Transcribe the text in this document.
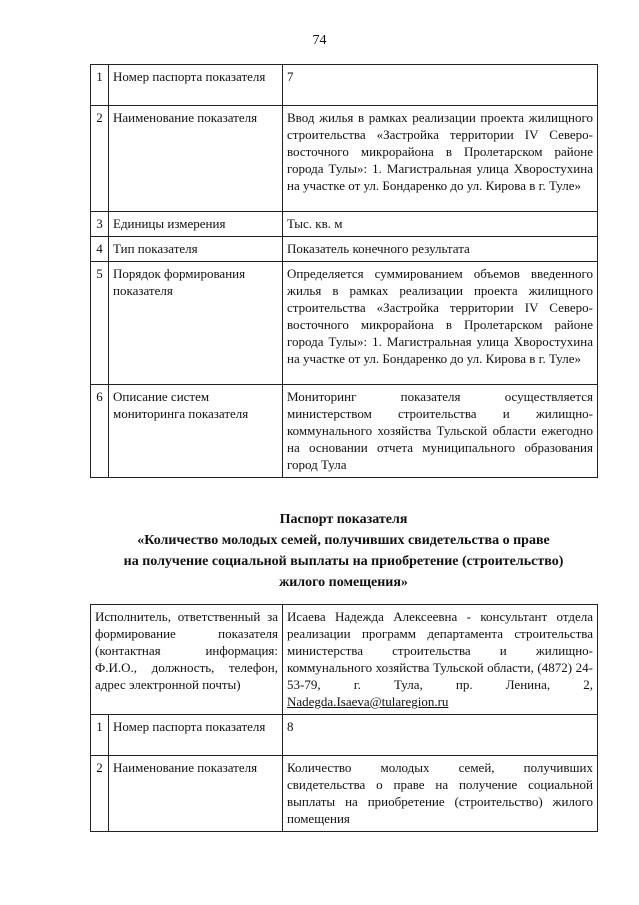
74
1	Номер паспорта показателя	7
2	Наименование показателя	Ввод жилья в рамках реализации проекта жилищного строительства «Застройка территории IV Северо-восточного микрорайона в Пролетарском районе города Тулы»: 1. Магистральная улица Хворостухина на участке от ул. Бондаренко до ул. Кирова в г. Туле»
3	Единицы измерения	Тыс. кв. м
4	Тип показателя	Показатель конечного результата
5	Порядок формирования показателя	Определяется суммированием объемов введенного жилья в рамках реализации проекта жилищного строительства «Застройка территории IV Северо-восточного микрорайона в Пролетарском районе города Тулы»: 1. Магистральная улица Хворостухина на участке от ул. Бондаренко до ул. Кирова в г. Туле»
6	Описание систем мониторинга показателя	Мониторинг показателя осуществляется министерством строительства и жилищно-коммунального хозяйства Тульской области ежегодно на основании отчета муниципального образования город Тула
Паспорт показателя
«Количество молодых семей, получивших свидетельства о праве
на получение социальной выплаты на приобретение (строительство)
жилого помещения»
Исполнитель, ответственный за формирование показателя (контактная информация: Ф.И.О., должность, телефон, адрес электронной почты)		Исаева Надежда Алексеевна - консультант отдела реализации программ департамента строительства министерства строительства и жилищно-коммунального хозяйства Тульской области, (4872) 24-53-79, г. Тула, пр. Ленина, 2, Nadegda.Isaeva@tularegion.ru
1	Номер паспорта показателя	8
2	Наименование показателя	Количество молодых семей, получивших свидетельства о праве на получение социальной выплаты на приобретение (строительство) жилого помещения
